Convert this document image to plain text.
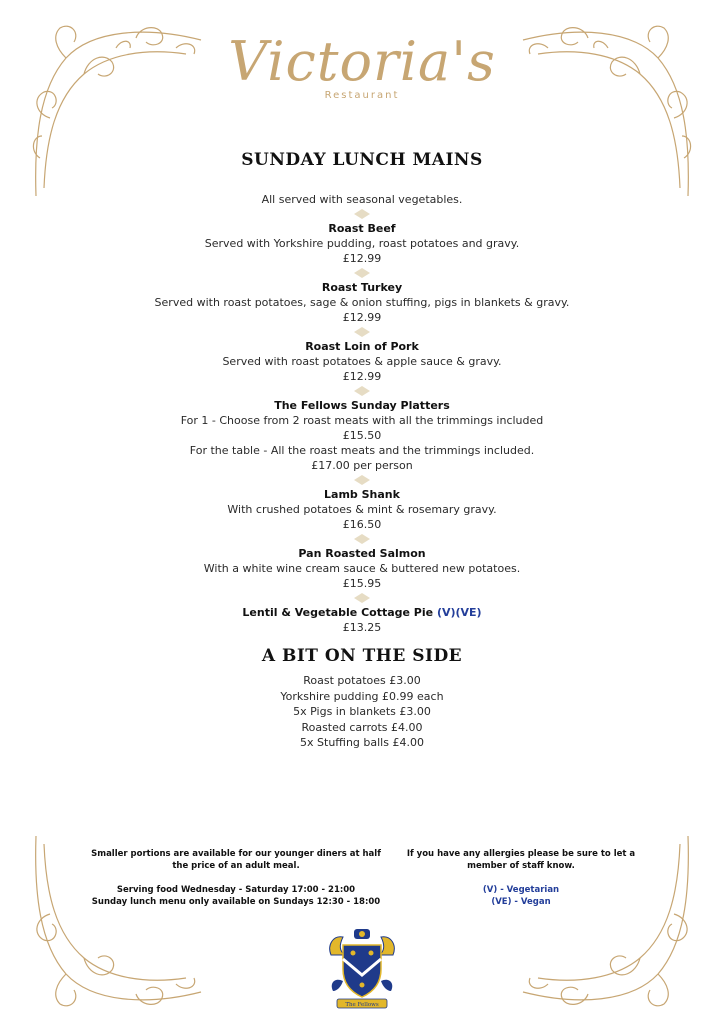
Victoria's
Restaurant
SUNDAY LUNCH MAINS
All served with seasonal vegetables.
Roast Beef
Served with Yorkshire pudding, roast potatoes and gravy.
£12.99
Roast Turkey
Served with roast potatoes, sage & onion stuffing, pigs in blankets & gravy.
£12.99
Roast Loin of Pork
Served with roast potatoes & apple sauce & gravy.
£12.99
The Fellows Sunday Platters
For 1 - Choose from 2 roast meats with all the trimmings included
£15.50
For the table - All the roast meats and the trimmings included.
£17.00 per person
Lamb Shank
With crushed potatoes & mint & rosemary gravy.
£16.50
Pan Roasted Salmon
With a white wine cream sauce & buttered new potatoes.
£15.95
Lentil & Vegetable Cottage Pie (V)(VE)
£13.25
A BIT ON THE SIDE
Roast potatoes £3.00
Yorkshire pudding £0.99 each
5x Pigs in blankets £3.00
Roasted carrots £4.00
5x Stuffing balls £4.00

Smaller portions are available for our younger diners at half

the price of an adult meal.

Serving food Wednesday - Saturday 17:00 - 21:00

Sunday lunch menu only available on Sundays 12:30 - 18:00

If you have any allergies please be sure to let a

member of staff know.

(V) - Vegetarian

(VE) - Vegan

The Fellows
